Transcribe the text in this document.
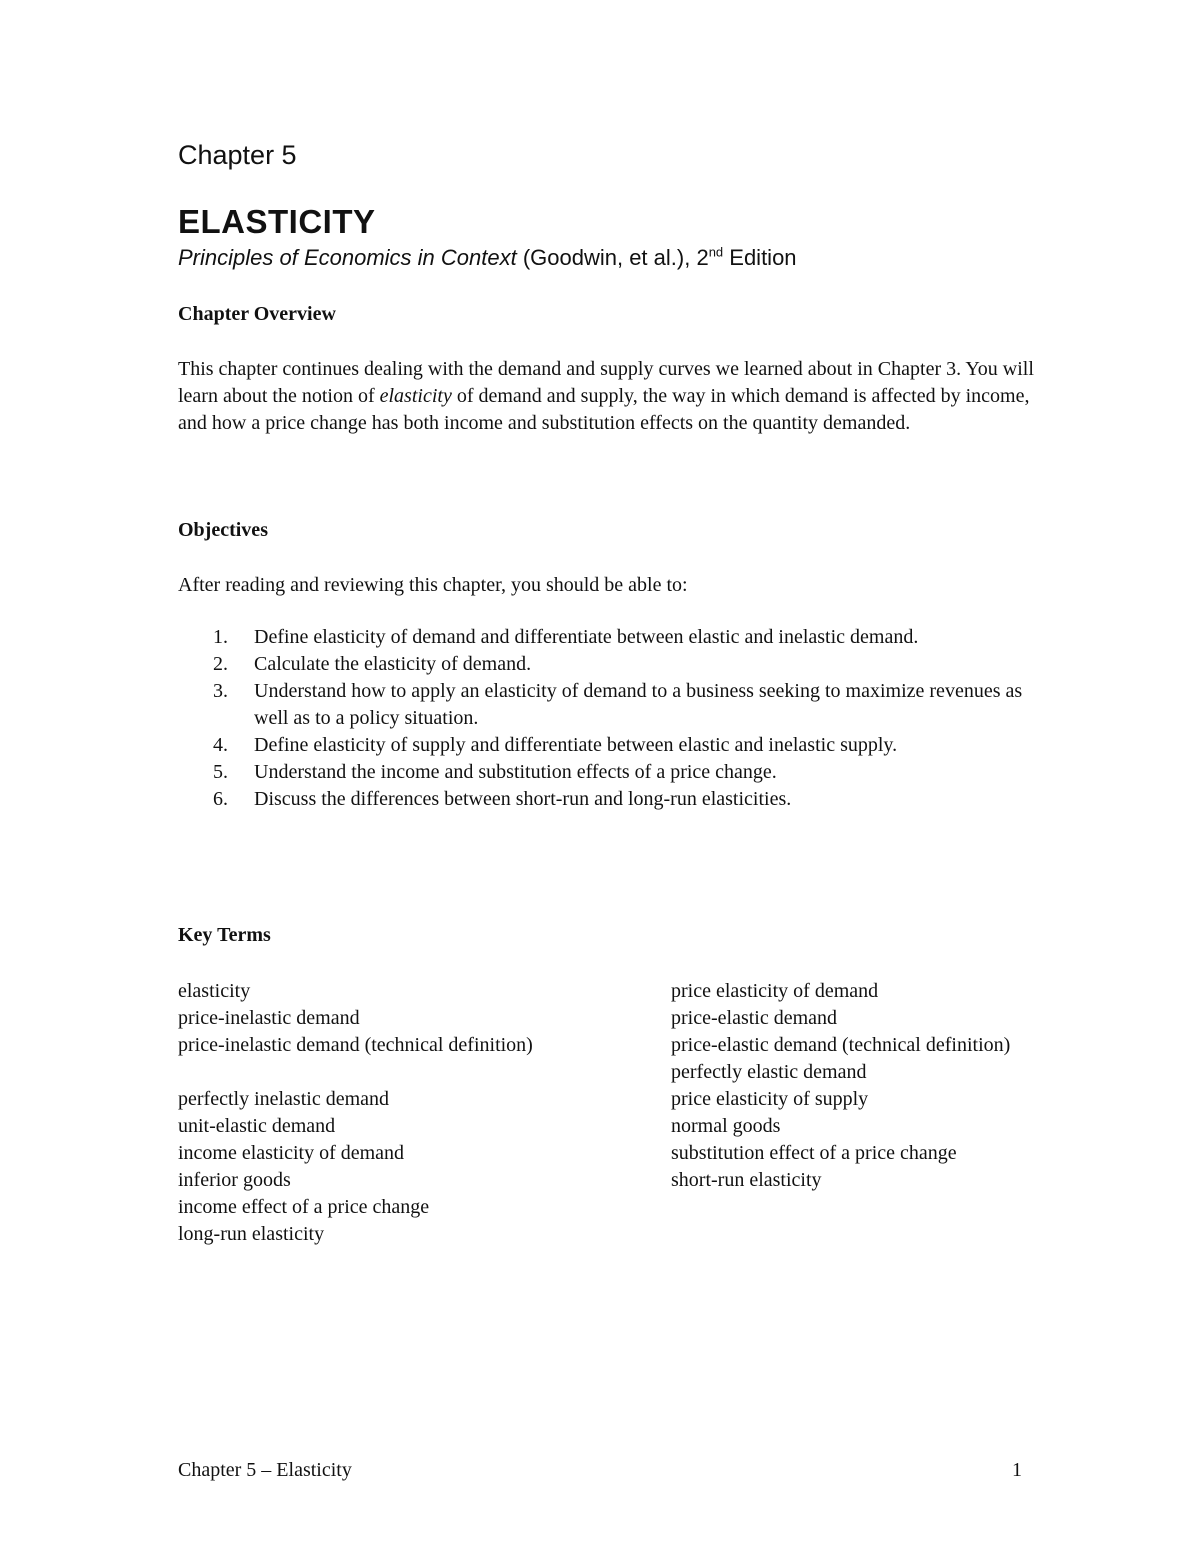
Chapter 5
ELASTICITY
Principles of Economics in Context (Goodwin, et al.), 2nd Edition
Chapter Overview
This chapter continues dealing with the demand and supply curves we learned about in Chapter 3. You will learn about the notion of elasticity of demand and supply, the way in which demand is affected by income, and how a price change has both income and substitution effects on the quantity demanded.
Objectives
After reading and reviewing this chapter, you should be able to:
1. Define elasticity of demand and differentiate between elastic and inelastic demand.
2. Calculate the elasticity of demand.
3. Understand how to apply an elasticity of demand to a business seeking to maximize revenues as well as to a policy situation.
4. Define elasticity of supply and differentiate between elastic and inelastic supply.
5. Understand the income and substitution effects of a price change.
6. Discuss the differences between short-run and long-run elasticities.
Key Terms
elasticity
price-inelastic demand
price-inelastic demand (technical definition)
perfectly inelastic demand
unit-elastic demand
income elasticity of demand
inferior goods
income effect of a price change
long-run elasticity
price elasticity of demand
price-elastic demand
price-elastic demand (technical definition)
perfectly elastic demand
price elasticity of supply
normal goods
substitution effect of a price change
short-run elasticity
Chapter 5 – Elasticity	1
